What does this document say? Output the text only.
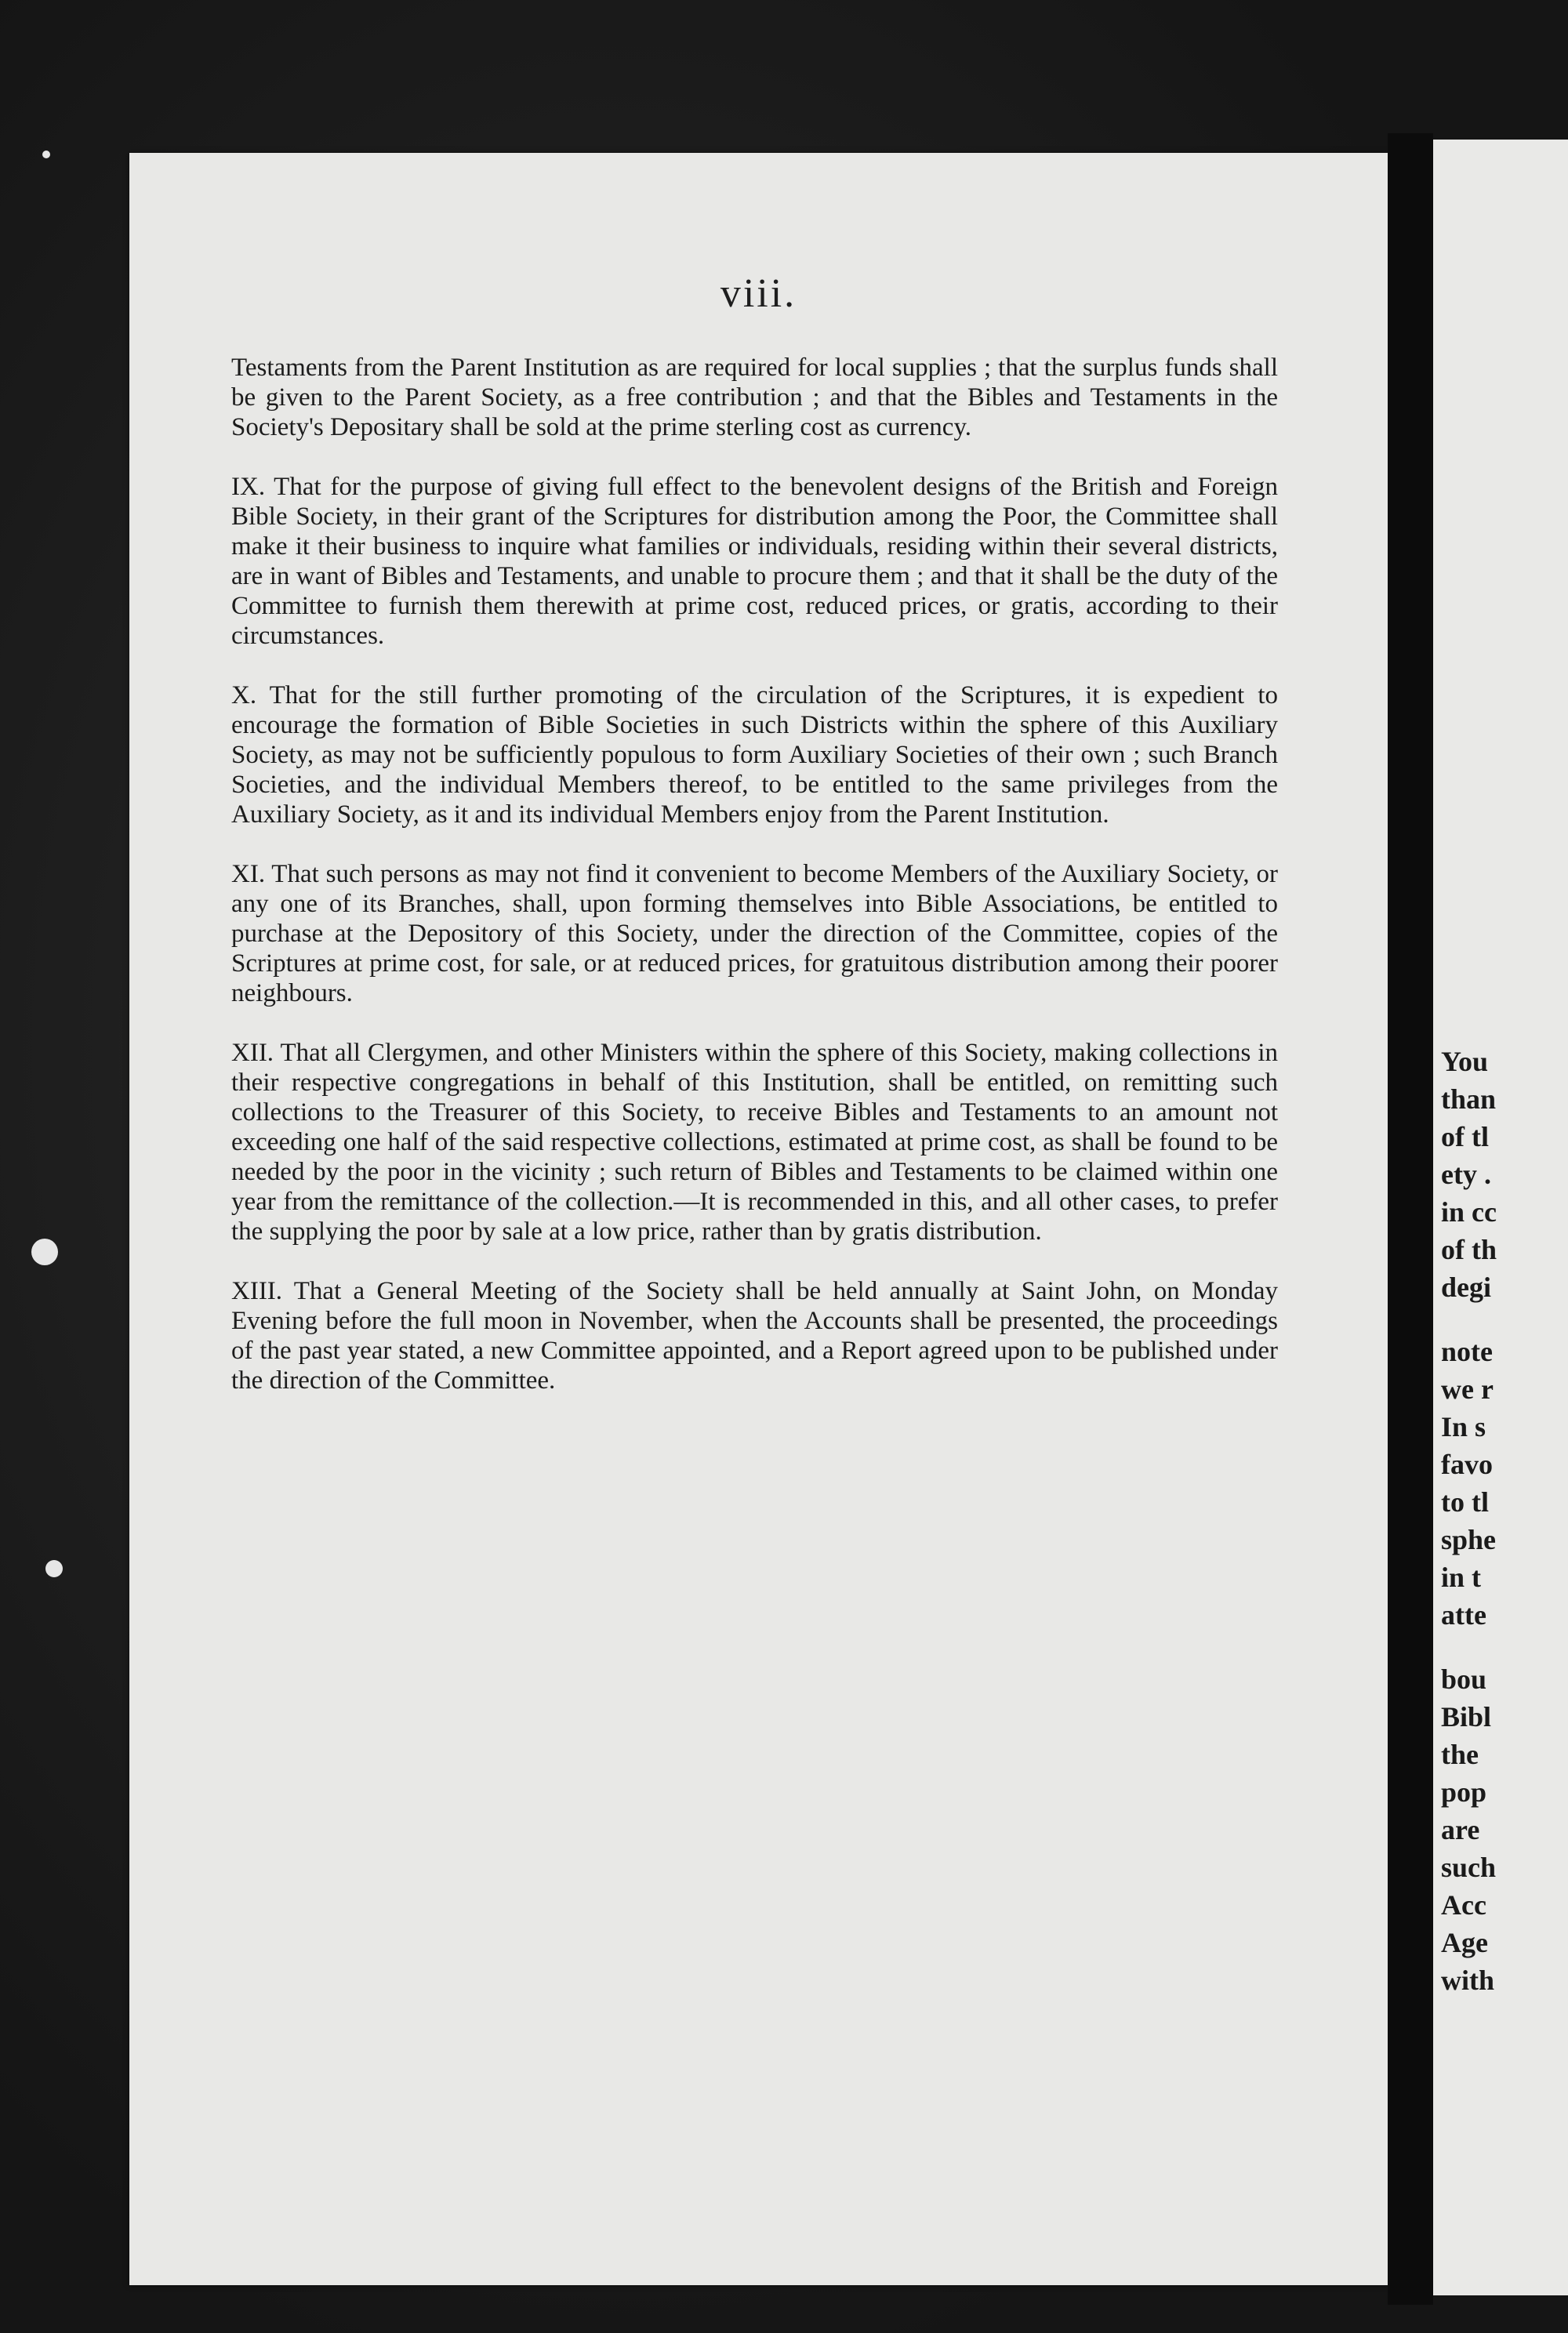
viii.

Testaments from the Parent Institution as are required for local supplies ; that the surplus funds shall be given to the Parent Society, as a free contribution ; and that the Bibles and Testaments in the Society's Depositary shall be sold at the prime sterling cost as currency.

IX. That for the purpose of giving full effect to the benevolent designs of the British and Foreign Bible Society, in their grant of the Scriptures for distribution among the Poor, the Committee shall make it their business to inquire what families or individuals, residing within their several districts, are in want of Bibles and Testaments, and unable to procure them ; and that it shall be the duty of the Committee to furnish them therewith at prime cost, reduced prices, or gratis, according to their circumstances.

X. That for the still further promoting of the circulation of the Scriptures, it is expedient to encourage the formation of Bible Societies in such Districts within the sphere of this Auxiliary Society, as may not be sufficiently populous to form Auxiliary Societies of their own ; such Branch Societies, and the individual Members thereof, to be entitled to the same privileges from the Auxiliary Society, as it and its individual Members enjoy from the Parent Institution.

XI. That such persons as may not find it convenient to become Members of the Auxiliary Society, or any one of its Branches, shall, upon forming themselves into Bible Associations, be entitled to purchase at the Depository of this Society, under the direction of the Committee, copies of the Scriptures at prime cost, for sale, or at reduced prices, for gratuitous distribution among their poorer neighbours.

XII. That all Clergymen, and other Ministers within the sphere of this Society, making collections in their respective congregations in behalf of this Institution, shall be entitled, on remitting such collections to the Treasurer of this Society, to receive Bibles and Testaments to an amount not exceeding one half of the said respective collections, estimated at prime cost, as shall be found to be needed by the poor in the vicinity ; such return of Bibles and Testaments to be claimed within one year from the remittance of the collection.—It is recommended in this, and all other cases, to prefer the supplying the poor by sale at a low price, rather than by gratis distribution.

XIII. That a General Meeting of the Society shall be held annually at Saint John, on Monday Evening before the full moon in November, when the Accounts shall be presented, the proceedings of the past year stated, a new Committee appointed, and a Report agreed upon to be published under the direction of the Committee.

You
than
of tl
ety .
in cc
of th
degi
note
we r
In s
favo
to tl
sphe
in t
atte
bou
Bibl
the
pop
are
such
Acc
Age
with
